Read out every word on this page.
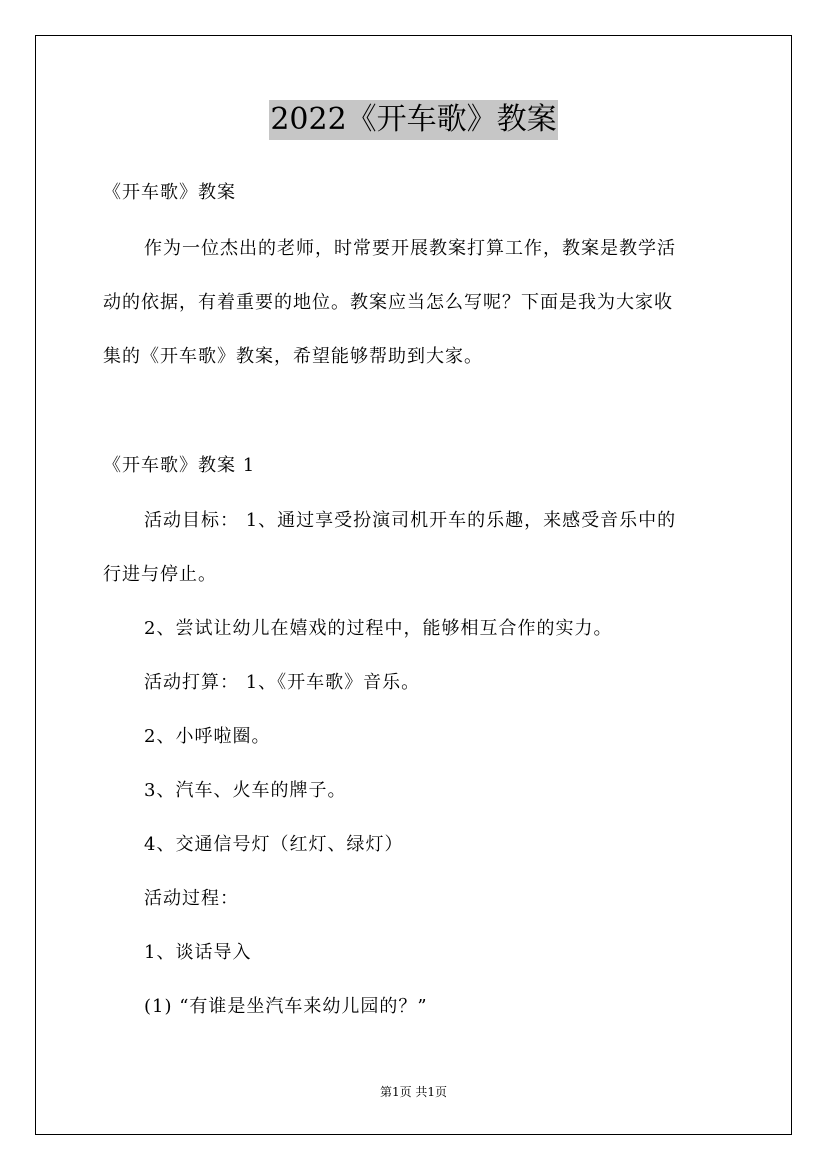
2022《开车歌》教案
《开车歌》教案
作为一位杰出的老师，时常要开展教案打算工作，教案是教学活
动的依据，有着重要的地位。教案应当怎么写呢？下面是我为大家收
集的《开车歌》教案，希望能够帮助到大家。
《开车歌》教案 1
活动目标： 1、通过享受扮演司机开车的乐趣，来感受音乐中的
行进与停止。
2、尝试让幼儿在嬉戏的过程中，能够相互合作的实力。
活动打算： 1、《开车歌》音乐。
2、小呼啦圈。
3、汽车、火车的牌子。
4、交通信号灯（红灯、绿灯）
活动过程：
1、谈话导入
(1) “有谁是坐汽车来幼儿园的？”
第1页 共1页
